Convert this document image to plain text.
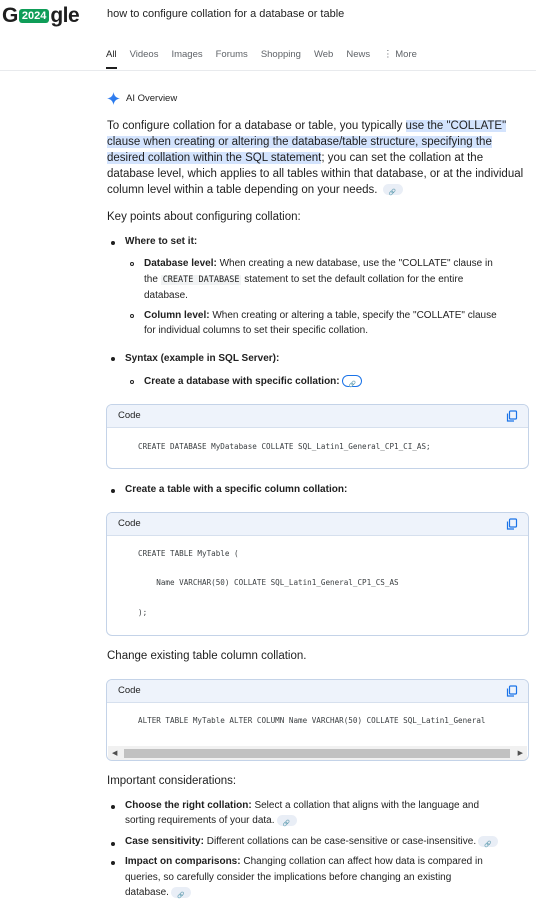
G 2024 gle	how to configure collation for a database or table
All Videos Images Forums Shopping Web News ⋮ More
AI Overview
To configure collation for a database or table, you typically use the "COLLATE" clause when creating or altering the database/table structure, specifying the desired collation within the SQL statement; you can set the collation at the database level, which applies to all tables within that database, or at the individual column level within a table depending on your needs. 🔗
Key points about configuring collation:
Where to set it:
Database level: When creating a new database, use the "COLLATE" clause in
the CREATE DATABASE statement to set the default collation for the entire
database.
Column level: When creating or altering a table, specify the "COLLATE" clause
for individual columns to set their specific collation.
Syntax (example in SQL Server):
Create a database with specific collation:🔗
Code
CREATE DATABASE MyDatabase COLLATE SQL_Latin1_General_CP1_CI_AS;
Create a table with a specific column collation:
Code
CREATE TABLE MyTable (
Name VARCHAR(50) COLLATE SQL_Latin1_General_CP1_CS_AS
);
Change existing table column collation.
Code
ALTER TABLE MyTable ALTER COLUMN Name VARCHAR(50) COLLATE SQL_Latin1_General
◀	▶
Important considerations:
Choose the right collation: Select a collation that aligns with the language and
sorting requirements of your data.🔗
Case sensitivity: Different collations can be case-sensitive or case-insensitive.🔗
Impact on comparisons: Changing collation can affect how data is compared in
queries, so carefully consider the implications before changing an existing
database.🔗
